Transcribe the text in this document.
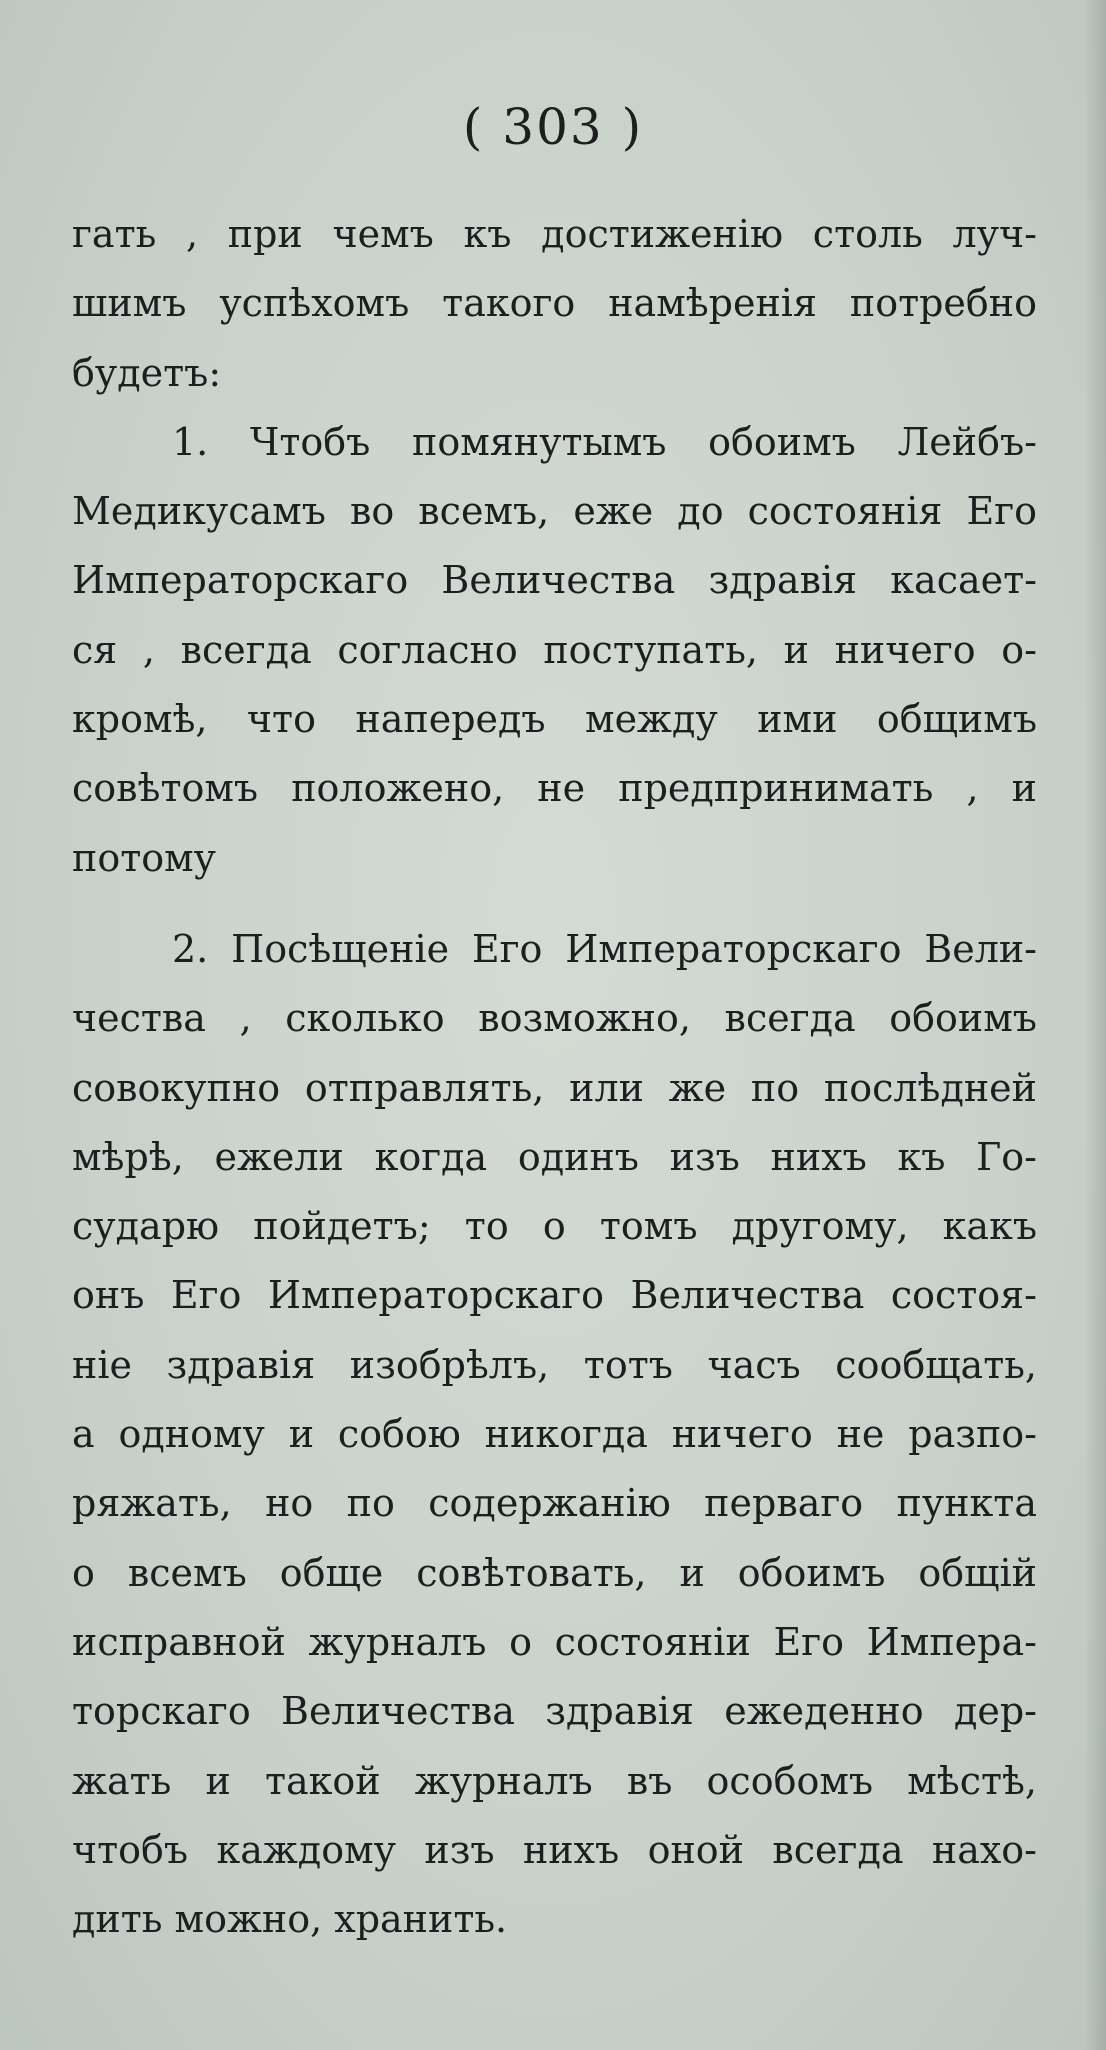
( 303 )
гать , при чемъ къ достиженію столь луч-
шимъ успѣхомъ такого намѣренія потребно
будетъ:
1. Чтобъ помянутымъ обоимъ Лейбъ-
Медикусамъ во всемъ, еже до состоянія Его
Императорскаго Величества здравія касает-
ся , всегда согласно поступать, и ничего о-
кромѣ, что напередъ между ими общимъ
совѣтомъ положено, не предпринимать , и
потому
2. Посѣщеніе Его Императорскаго Вели-
чества , сколько возможно, всегда обоимъ
совокупно отправлять, или же по послѣдней
мѣрѣ, ежели когда одинъ изъ нихъ къ Го-
сударю пойдетъ; то о томъ другому, какъ
онъ Его Императорскаго Величества состоя-
ніе здравія изобрѣлъ, тотъ часъ сообщать,
а одному и собою никогда ничего не разпо-
ряжать, но по содержанію перваго пункта
о всемъ обще совѣтовать, и обоимъ общій
исправной журналъ о состояніи Его Импера-
торскаго Величества здравія ежеденно дер-
жать и такой журналъ въ особомъ мѣстѣ,
чтобъ каждому изъ нихъ оной всегда нахо-
дить можно, хранить.
